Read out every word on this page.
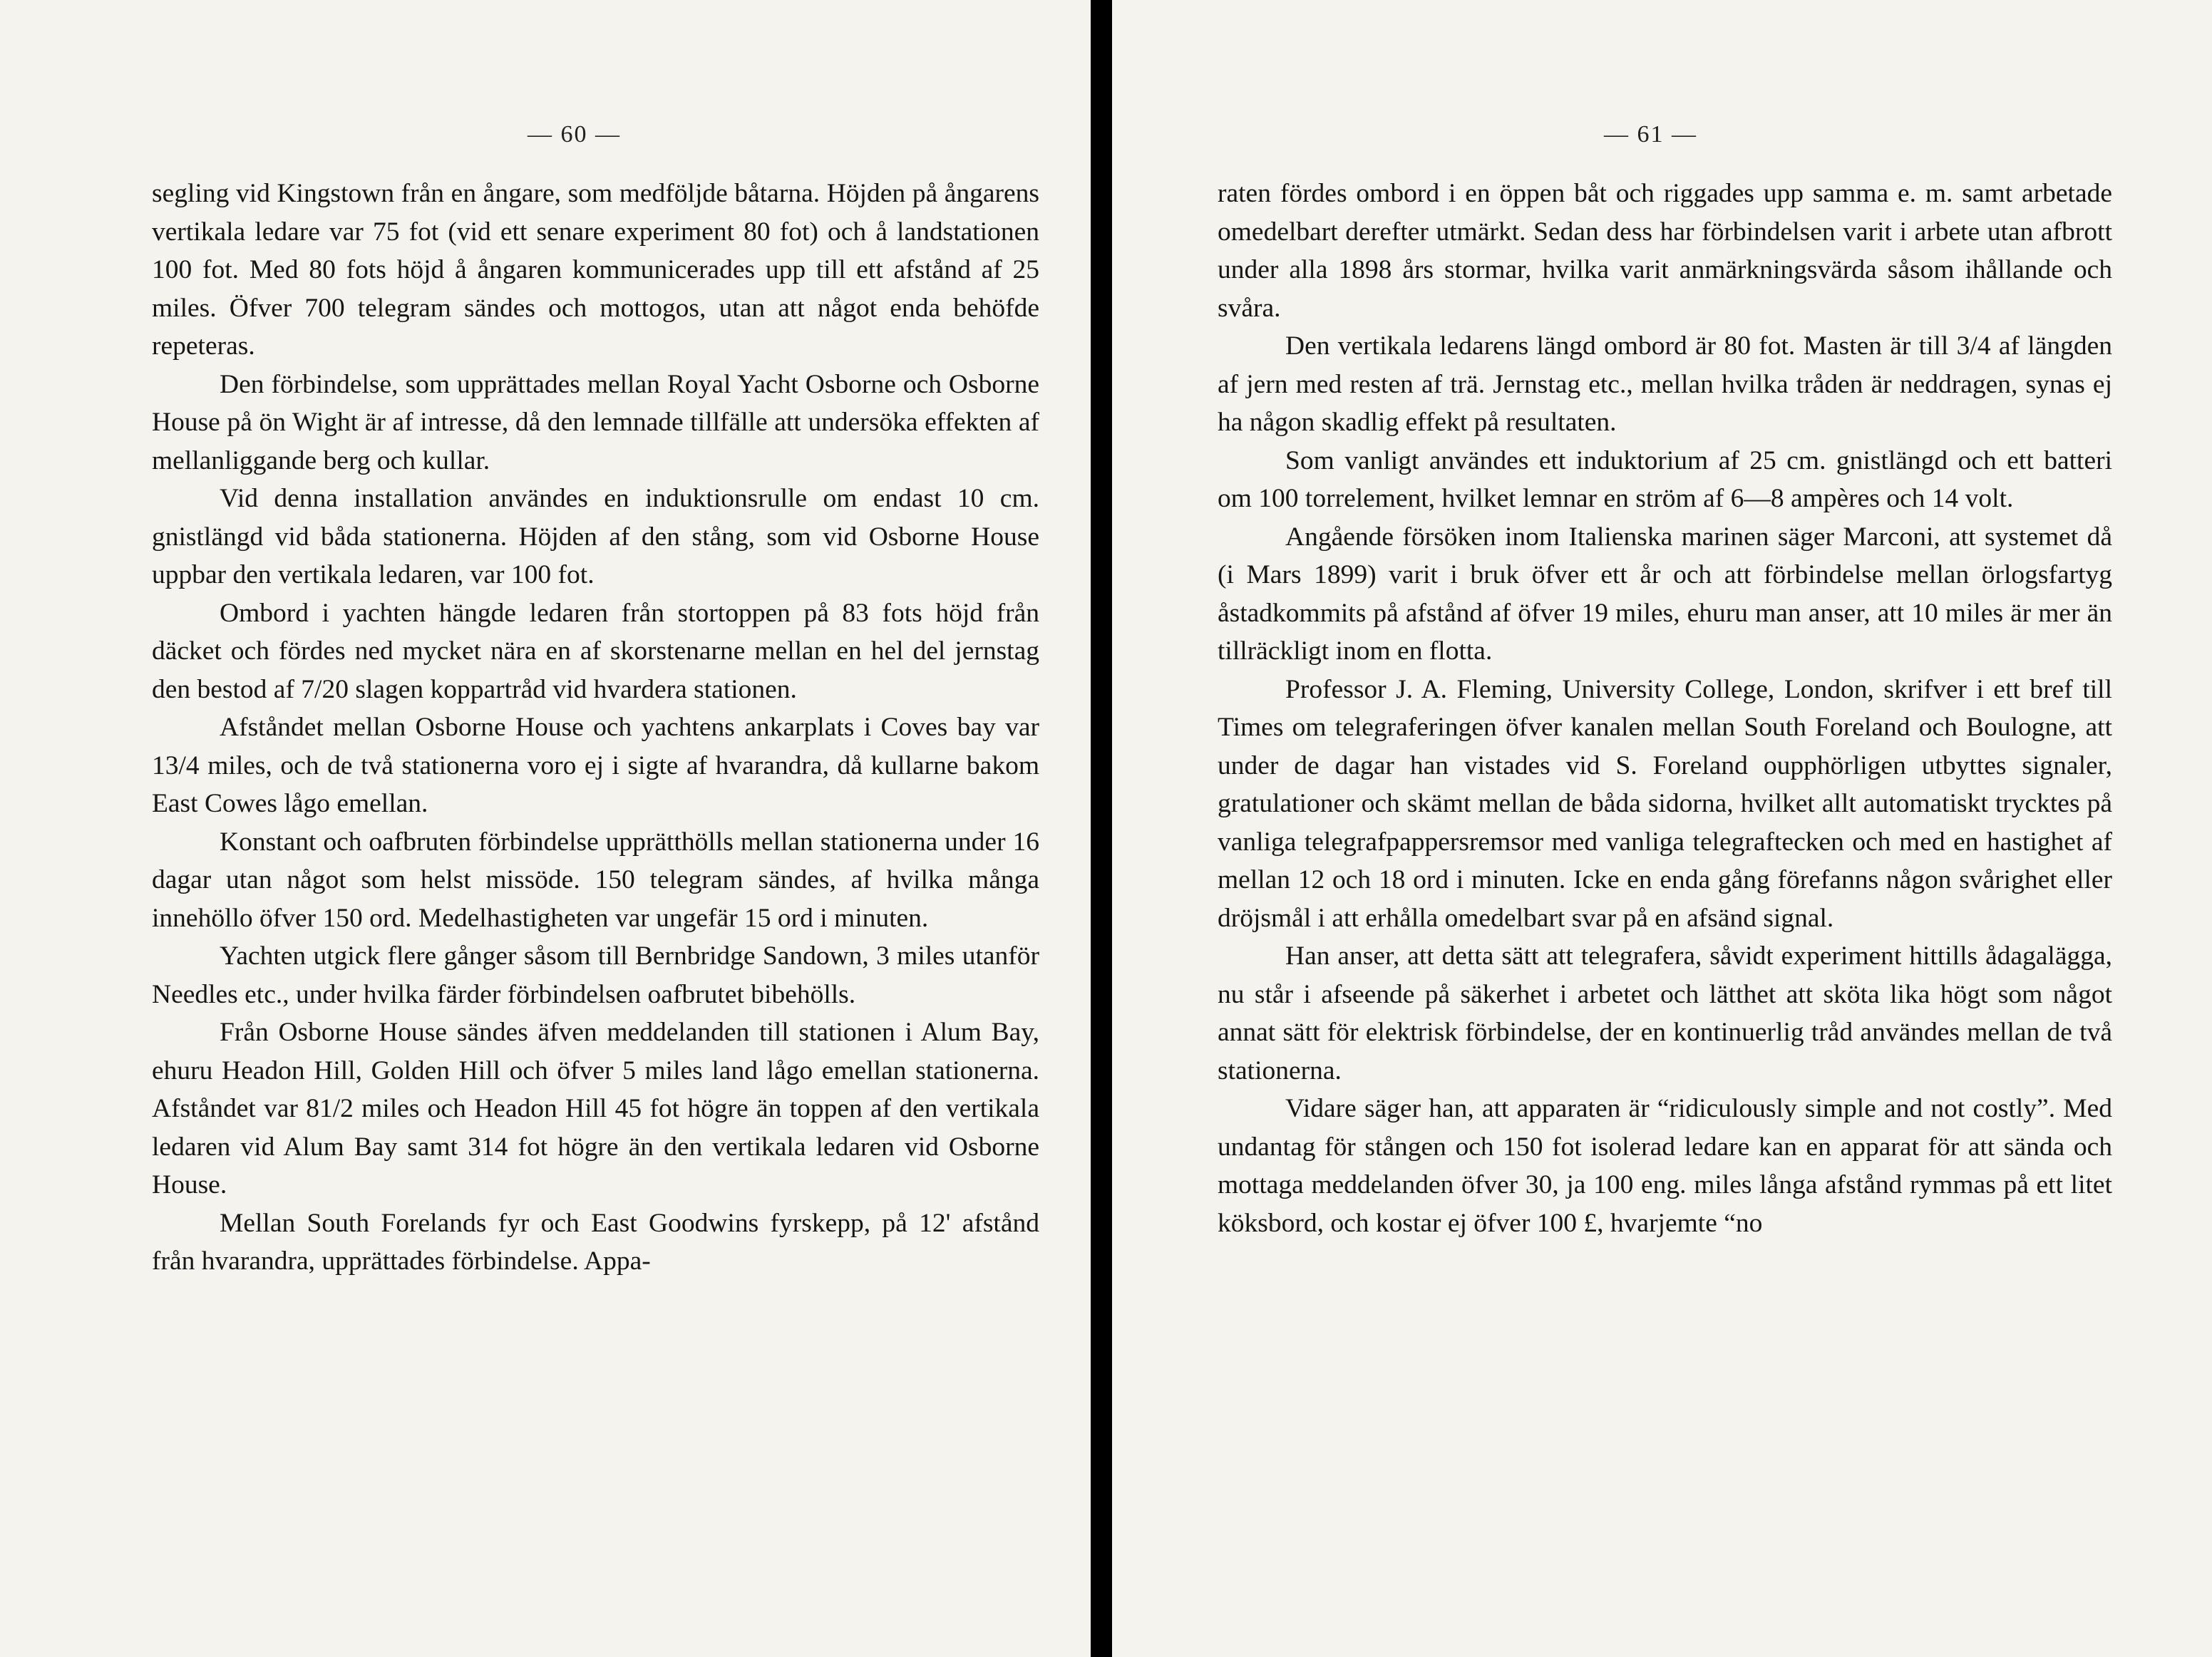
— 60 —

segling vid Kingstown från en ångare, som medföljde båtarna. Höjden på ångarens vertikala ledare var 75 fot (vid ett senare experiment 80 fot) och å landstationen 100 fot. Med 80 fots höjd å ångaren kommunicerades upp till ett afstånd af 25 miles. Öfver 700 telegram sändes och mottogos, utan att något enda behöfde repeteras.

Den förbindelse, som upprättades mellan Royal Yacht Osborne och Osborne House på ön Wight är af intresse, då den lemnade tillfälle att undersöka effekten af mellanliggande berg och kullar.

Vid denna installation användes en induktionsrulle om endast 10 cm. gnistlängd vid båda stationerna. Höjden af den stång, som vid Osborne House uppbar den vertikala ledaren, var 100 fot.

Ombord i yachten hängde ledaren från stortoppen på 83 fots höjd från däcket och fördes ned mycket nära en af skorstenarne mellan en hel del jernstag den bestod af 7/20 slagen koppartråd vid hvardera stationen.

Afståndet mellan Osborne House och yachtens ankarplats i Coves bay var 13/4 miles, och de två stationerna voro ej i sigte af hvarandra, då kullarne bakom East Cowes lågo emellan.

Konstant och oafbruten förbindelse upprätthölls mellan stationerna under 16 dagar utan något som helst missöde. 150 telegram sändes, af hvilka många innehöllo öfver 150 ord. Medelhastigheten var ungefär 15 ord i minuten.

Yachten utgick flere gånger såsom till Bernbridge Sandown, 3 miles utanför Needles etc., under hvilka färder förbindelsen oafbrutet bibehölls.

Från Osborne House sändes äfven meddelanden till stationen i Alum Bay, ehuru Headon Hill, Golden Hill och öfver 5 miles land lågo emellan stationerna. Afståndet var 81/2 miles och Headon Hill 45 fot högre än toppen af den vertikala ledaren vid Alum Bay samt 314 fot högre än den vertikala ledaren vid Osborne House.

Mellan South Forelands fyr och East Goodwins fyrskepp, på 12' afstånd från hvarandra, upprättades förbindelse. Appa-

— 61 —

raten fördes ombord i en öppen båt och riggades upp samma e. m. samt arbetade omedelbart derefter utmärkt. Sedan dess har förbindelsen varit i arbete utan afbrott under alla 1898 års stormar, hvilka varit anmärkningsvärda såsom ihållande och svåra.

Den vertikala ledarens längd ombord är 80 fot. Masten är till 3/4 af längden af jern med resten af trä. Jernstag etc., mellan hvilka tråden är neddragen, synas ej ha någon skadlig effekt på resultaten.

Som vanligt användes ett induktorium af 25 cm. gnistlängd och ett batteri om 100 torrelement, hvilket lemnar en ström af 6—8 ampères och 14 volt.

Angående försöken inom Italienska marinen säger Marconi, att systemet då (i Mars 1899) varit i bruk öfver ett år och att förbindelse mellan örlogsfartyg åstadkommits på afstånd af öfver 19 miles, ehuru man anser, att 10 miles är mer än tillräckligt inom en flotta.

Professor J. A. Fleming, University College, London, skrifver i ett bref till Times om telegraferingen öfver kanalen mellan South Foreland och Boulogne, att under de dagar han vistades vid S. Foreland oupphörligen utbyttes signaler, gratulationer och skämt mellan de båda sidorna, hvilket allt automatiskt trycktes på vanliga telegrafpappersremsor med vanliga telegraftecken och med en hastighet af mellan 12 och 18 ord i minuten. Icke en enda gång förefanns någon svårighet eller dröjsmål i att erhålla omedelbart svar på en afsänd signal.

Han anser, att detta sätt att telegrafera, såvidt experiment hittills ådagalägga, nu står i afseende på säkerhet i arbetet och lätthet att sköta lika högt som något annat sätt för elektrisk förbindelse, der en kontinuerlig tråd användes mellan de två stationerna.

Vidare säger han, att apparaten är “ridiculously simple and not costly”. Med undantag för stången och 150 fot isolerad ledare kan en apparat för att sända och mottaga meddelanden öfver 30, ja 100 eng. miles långa afstånd rymmas på ett litet köksbord, och kostar ej öfver 100 £, hvarjemte “no
